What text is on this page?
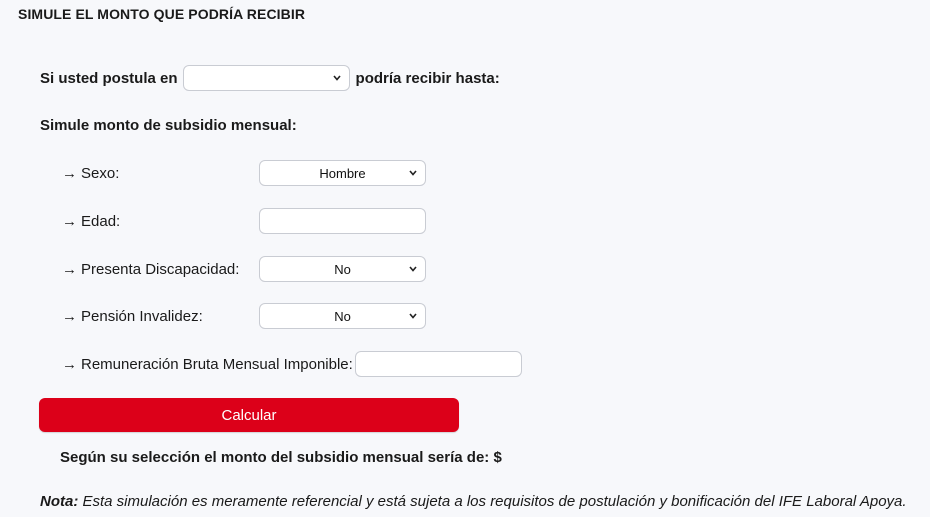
SIMULE EL MONTO QUE PODRÍA RECIBIR
Si usted postula en	podría recibir hasta:
Simule monto de subsidio mensual:
→ Sexo:	Hombre
→ Edad:
→ Presenta Discapacidad:	No
→ Pensión Invalidez:	No
→ Remuneración Bruta Mensual Imponible:
Calcular
Según su selección el monto del subsidio mensual sería de: $
Nota: Esta simulación es meramente referencial y está sujeta a los requisitos de postulación y bonificación del IFE Laboral Apoya.
